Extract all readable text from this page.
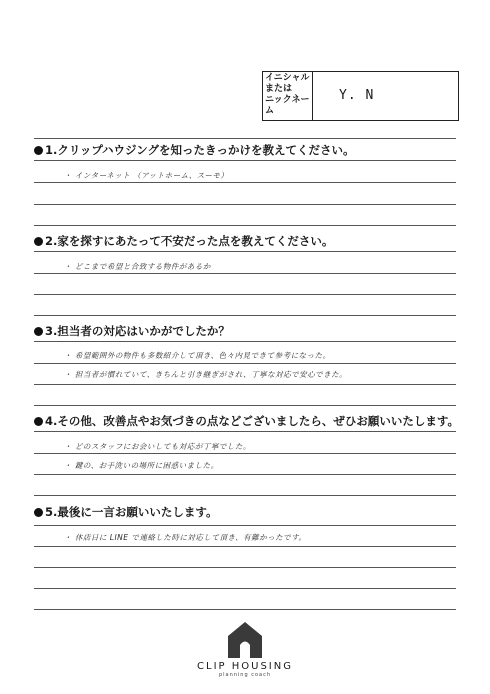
イニシャル
または
ニックネーム
Y. N
1.クリップハウジングを知ったきっかけを教えてください。
・ インターネット （アットホーム、スーモ）
2.家を探すにあたって不安だった点を教えてください。
・ どこまで希望と合致する物件があるか
3.担当者の対応はいかがでしたか？
・ 希望範囲外の物件も多数紹介して頂き、色々内見できて参考になった。
・ 担当者が慣れていて、きちんと引き継ぎがされ、丁寧な対応で安心できた。
4.その他、改善点やお気づきの点などございましたら、ぜひお願いいたします。
・ どのスタッフにお会いしても対応が丁寧でした。
・ 鍵の、お手洗いの場所に困惑いました。
5.最後に一言お願いいたします。
・ 休店日に LINE で連絡した時に対応して頂き、有難かったです。
CLIP HOUSING
planning coach
